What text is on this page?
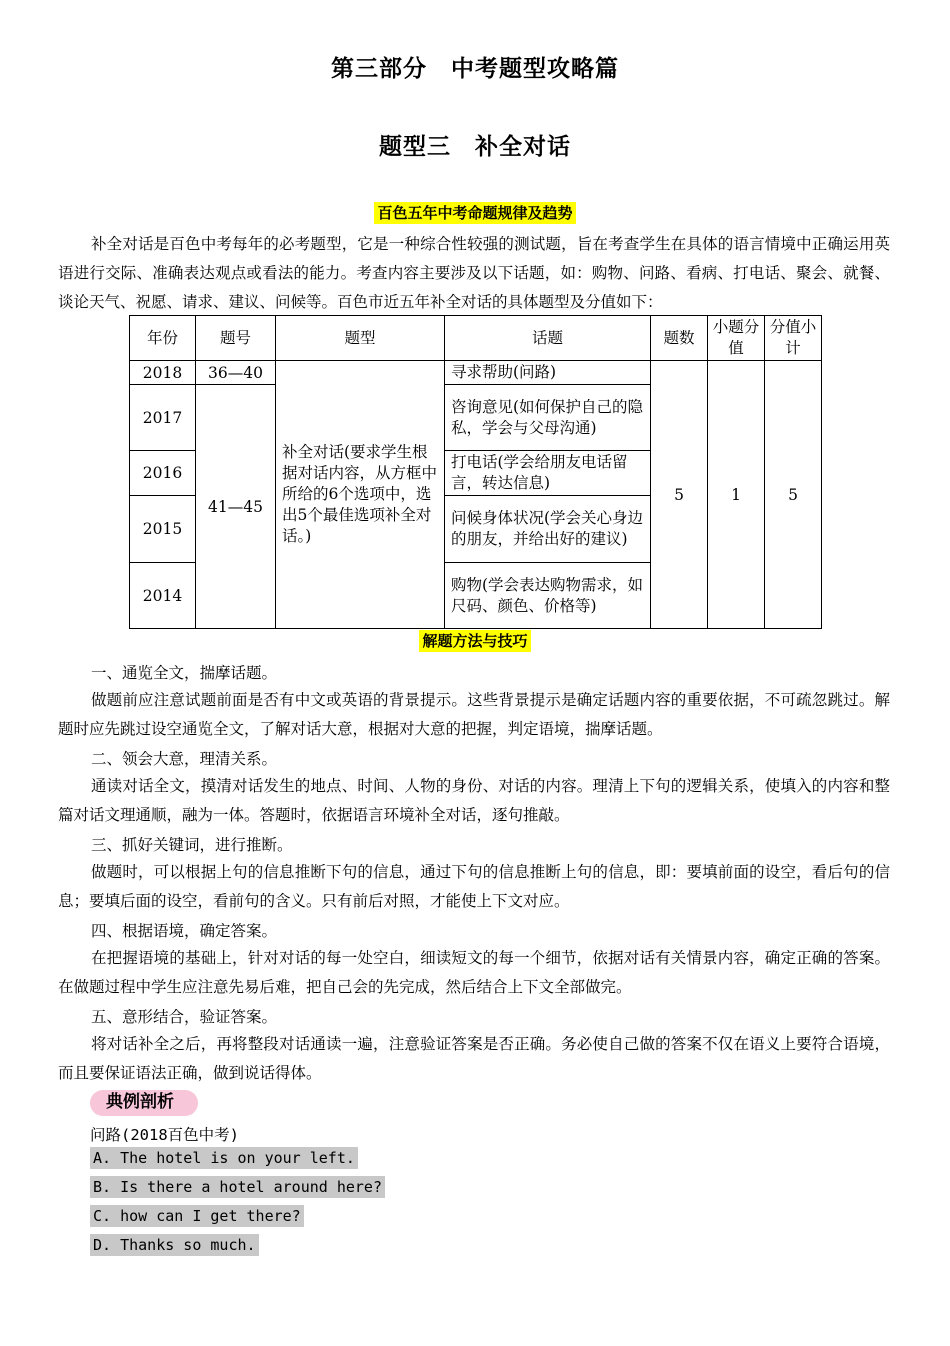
第三部分　中考题型攻略篇
题型三　补全对话
百色五年中考命题规律及趋势
补全对话是百色中考每年的必考题型，它是一种综合性较强的测试题，旨在考查学生在具体的语言情境中正确运用英语进行交际、准确表达观点或看法的能力。考查内容主要涉及以下话题，如：购物、问路、看病、打电话、聚会、就餐、谈论天气、祝愿、请求、建议、问候等。百色市近五年补全对话的具体题型及分值如下：
年份	题号	题型	话题	题数	小题分值	分值小计
2018	36—40	补全对话(要求学生根据对话内容，从方框中所给的6个选项中，选出5个最佳选项补全对话。)	寻求帮助(问路)	5	1	5
2017	41—45		咨询意见(如何保护自己的隐私，学会与父母沟通)			
2016			打电话(学会给朋友电话留言，转达信息)			
2015			问候身体状况(学会关心身边的朋友，并给出好的建议)			
2014			购物(学会表达购物需求，如尺码、颜色、价格等)			
解题方法与技巧
一、通览全文，揣摩话题。
做题前应注意试题前面是否有中文或英语的背景提示。这些背景提示是确定话题内容的重要依据，不可疏忽跳过。解题时应先跳过设空通览全文，了解对话大意，根据对大意的把握，判定语境，揣摩话题。
二、领会大意，理清关系。
通读对话全文，摸清对话发生的地点、时间、人物的身份、对话的内容。理清上下句的逻辑关系，使填入的内容和整篇对话文理通顺，融为一体。答题时，依据语言环境补全对话，逐句推敲。
三、抓好关键词，进行推断。
做题时，可以根据上句的信息推断下句的信息，通过下句的信息推断上句的信息，即：要填前面的设空，看后句的信息；要填后面的设空，看前句的含义。只有前后对照，才能使上下文对应。
四、根据语境，确定答案。
在把握语境的基础上，针对对话的每一处空白，细读短文的每一个细节，依据对话有关情景内容，确定正确的答案。在做题过程中学生应注意先易后难，把自己会的先完成，然后结合上下文全部做完。
五、意形结合，验证答案。
将对话补全之后，再将整段对话通读一遍，注意验证答案是否正确。务必使自己做的答案不仅在语义上要符合语境，而且要保证语法正确，做到说话得体。
典例剖析
问路(2018百色中考)
A. The hotel is on your left.
B. Is there a hotel around here?
C. how can I get there?
D. Thanks so much.
